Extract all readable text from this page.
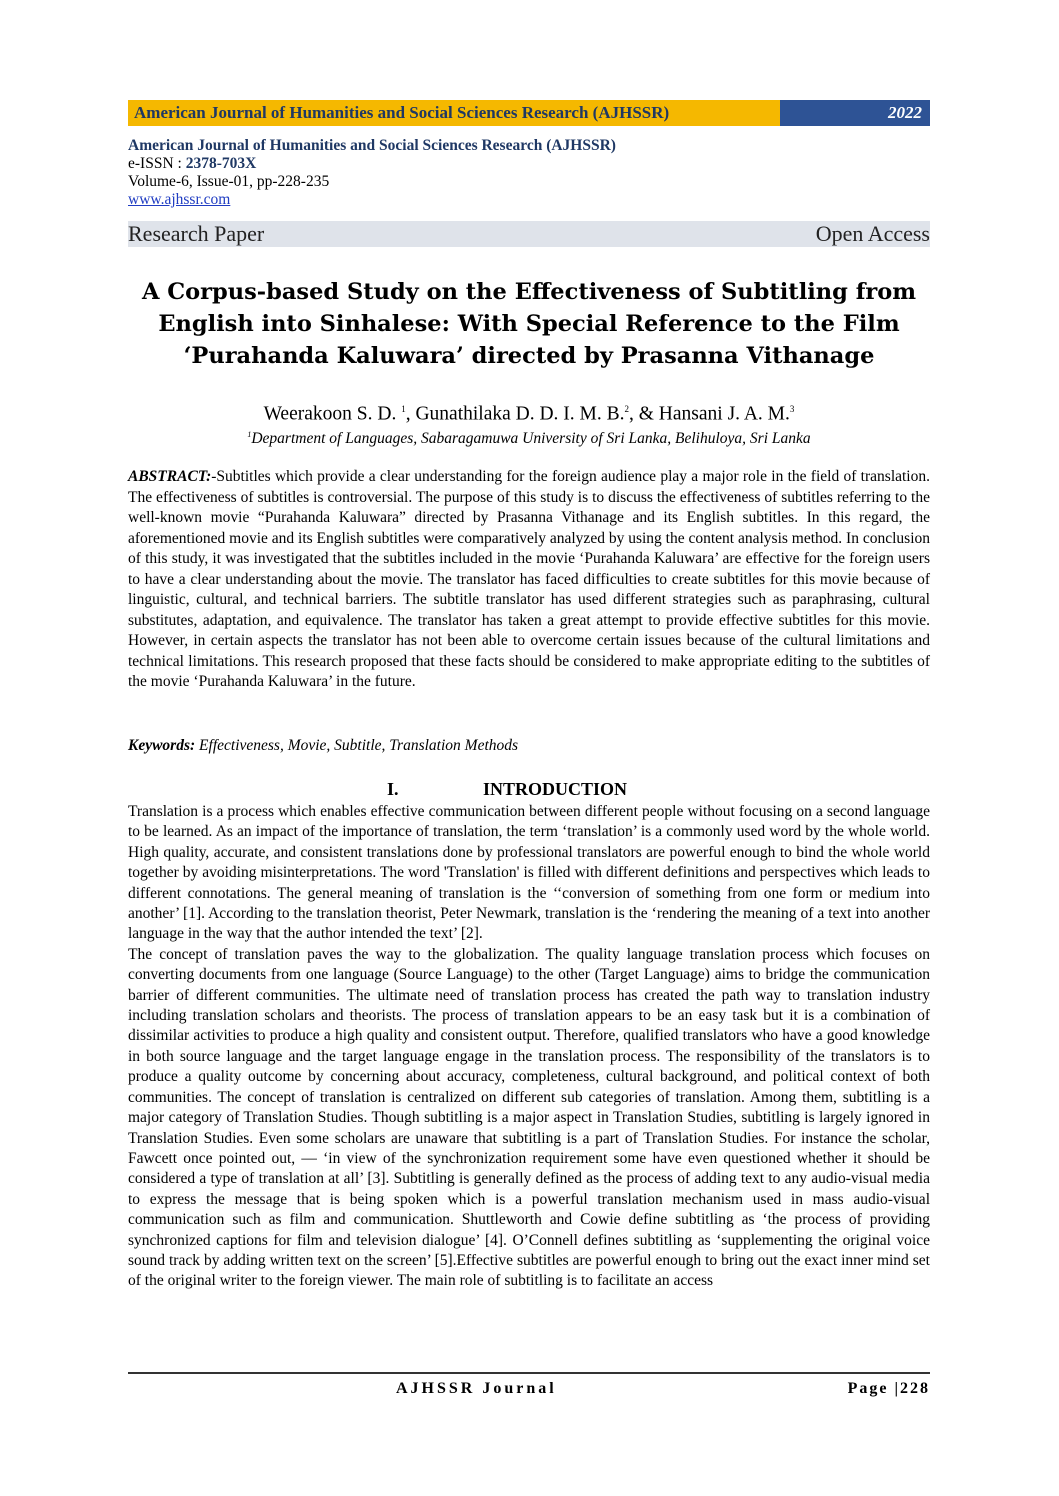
American Journal of Humanities and Social Sciences Research (AJHSSR)	2022
American Journal of Humanities and Social Sciences Research (AJHSSR)
e-ISSN : 2378-703X
Volume-6, Issue-01, pp-228-235
www.ajhssr.com
Research Paper	Open Access
A Corpus-based Study on the Effectiveness of Subtitling from
English into Sinhalese: With Special Reference to the Film
‘Purahanda Kaluwara’ directed by Prasanna Vithanage
Weerakoon S. D. $^1$, Gunathilaka D. D. I. M. B.$^2$, & Hansani J. A. M.$^3$
$^1$Department of Languages, Sabaragamuwa University of Sri Lanka, Belihuloya, Sri Lanka
ABSTRACT:-Subtitles which provide a clear understanding for the foreign audience play a major role in the field of translation. The effectiveness of subtitles is controversial. The purpose of this study is to discuss the effectiveness of subtitles referring to the well-known movie “Purahanda Kaluwara” directed by Prasanna Vithanage and its English subtitles. In this regard, the aforementioned movie and its English subtitles were comparatively analyzed by using the content analysis method. In conclusion of this study, it was investigated that the subtitles included in the movie ‘Purahanda Kaluwara’ are effective for the foreign users to have a clear understanding about the movie. The translator has faced difficulties to create subtitles for this movie because of linguistic, cultural, and technical barriers. The subtitle translator has used different strategies such as paraphrasing, cultural substitutes, adaptation, and equivalence. The translator has taken a great attempt to provide effective subtitles for this movie. However, in certain aspects the translator has not been able to overcome certain issues because of the cultural limitations and technical limitations. This research proposed that these facts should be considered to make appropriate editing to the subtitles of the movie ‘Purahanda Kaluwara’ in the future.
Keywords: Effectiveness, Movie, Subtitle, Translation Methods
I.	INTRODUCTION

Translation is a process which enables effective communication between different people without focusing on a second language to be learned. As an impact of the importance of translation, the term ‘translation’ is a commonly used word by the whole world. High quality, accurate, and consistent translations done by professional translators are powerful enough to bind the whole world together by avoiding misinterpretations. The word 'Translation' is filled with different definitions and perspectives which leads to different connotations. The general meaning of translation is the ‘‘conversion of something from one form or medium into another’ [1]. According to the translation theorist, Peter Newmark, translation is the ‘rendering the meaning of a text into another language in the way that the author intended the text’ [2].

The concept of translation paves the way to the globalization. The quality language translation process which focuses on converting documents from one language (Source Language) to the other (Target Language) aims to bridge the communication barrier of different communities. The ultimate need of translation process has created the path way to translation industry including translation scholars and theorists. The process of translation appears to be an easy task but it is a combination of dissimilar activities to produce a high quality and consistent output. Therefore, qualified translators who have a good knowledge in both source language and the target language engage in the translation process. The responsibility of the translators is to produce a quality outcome by concerning about accuracy, completeness, cultural background, and political context of both communities. The concept of translation is centralized on different sub categories of translation. Among them, subtitling is a major category of Translation Studies. Though subtitling is a major aspect in Translation Studies, subtitling is largely ignored in Translation Studies. Even some scholars are unaware that subtitling is a part of Translation Studies. For instance the scholar, Fawcett once pointed out, — ‘in view of the synchronization requirement some have even questioned whether it should be considered a type of translation at all’ [3]. Subtitling is generally defined as the process of adding text to any audio-visual media to express the message that is being spoken which is a powerful translation mechanism used in mass audio-visual communication such as film and communication. Shuttleworth and Cowie define subtitling as ‘the process of providing synchronized captions for film and television dialogue’ [4]. O’Connell defines subtitling as ‘supplementing the original voice sound track by adding written text on the screen’ [5].Effective subtitles are powerful enough to bring out the exact inner mind set of the original writer to the foreign viewer. The main role of subtitling is to facilitate an access

AJHSSR Journal	Page |228
